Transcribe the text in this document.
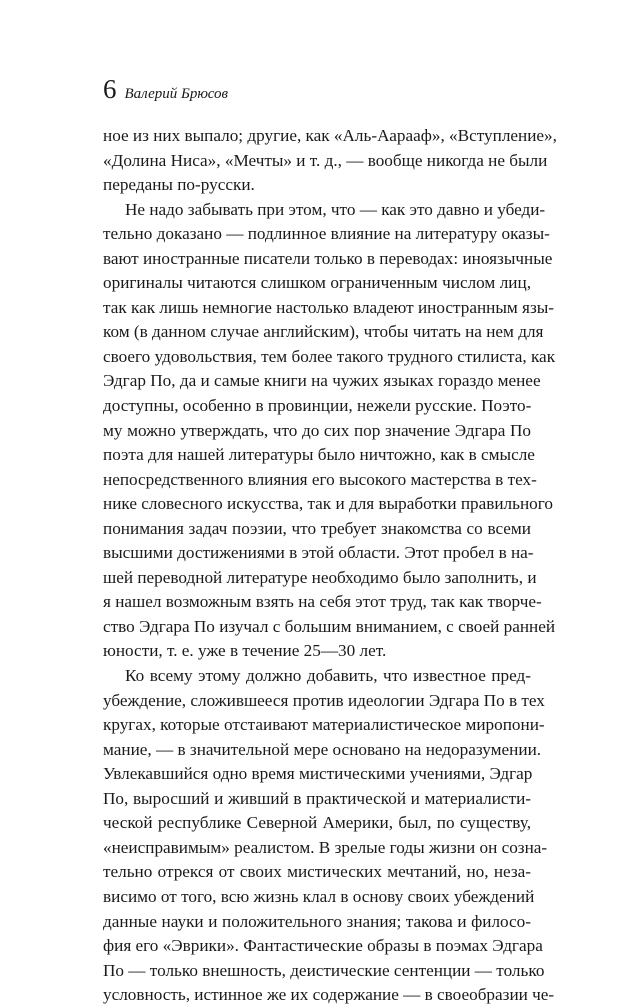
6 Валерий Брюсов
ное из них выпало; другие, как «Аль-Аараaф», «Вступление»,
«Долина Ниса», «Мечты» и т. д., — вообще никогда не были
переданы по-русски.
Не надо забывать при этом, что — как это давно и убеди-
тельно доказано — подлинное влияние на литературу оказы-
вают иностранные писатели только в переводах: иноязычные
оригиналы читаются слишком ограниченным числом лиц,
так как лишь немногие настолько владеют иностранным язы-
ком (в данном случае английским), чтобы читать на нем для
своего удовольствия, тем более такого трудного стилиста, как
Эдгар По, да и самые книги на чужих языках гораздо менее
доступны, особенно в провинции, нежели русские. Поэто-
му можно утверждать, что до сих пор значение Эдгара По
поэта для нашей литературы было ничтожно, как в смысле
непосредственного влияния его высокого мастерства в тех-
нике словесного искусства, так и для выработки правильного
понимания задач поэзии, что требует знакомства со всеми
высшими достижениями в этой области. Этот пробел в на-
шей переводной литературе необходимо было заполнить, и
я нашел возможным взять на себя этот труд, так как творче-
ство Эдгара По изучал с большим вниманием, с своей ранней
юности, т. е. уже в течение 25—30 лет.
Ко всему этому должно добавить, что известное пред-
убеждение, сложившееся против идеологии Эдгара По в тех
кругах, которые отстаивают материалистическое миропони-
мание, — в значительной мере основано на недоразумении.
Увлекавшийся одно время мистическими учениями, Эдгар
По, выросший и живший в практической и материалисти-
ческой республике Северной Америки, был, по существу,
«неисправимым» реалистом. В зрелые годы жизни он созна-
тельно отрекся от своих мистических мечтаний, но, неза-
висимо от того, всю жизнь клал в основу своих убеждений
данные науки и положительного знания; такова и филосо-
фия его «Эврики». Фантастические образы в поэмах Эдгара
По — только внешность, деистические сентенции — только
условность, истинное же их содержание — в своеобразии че-
